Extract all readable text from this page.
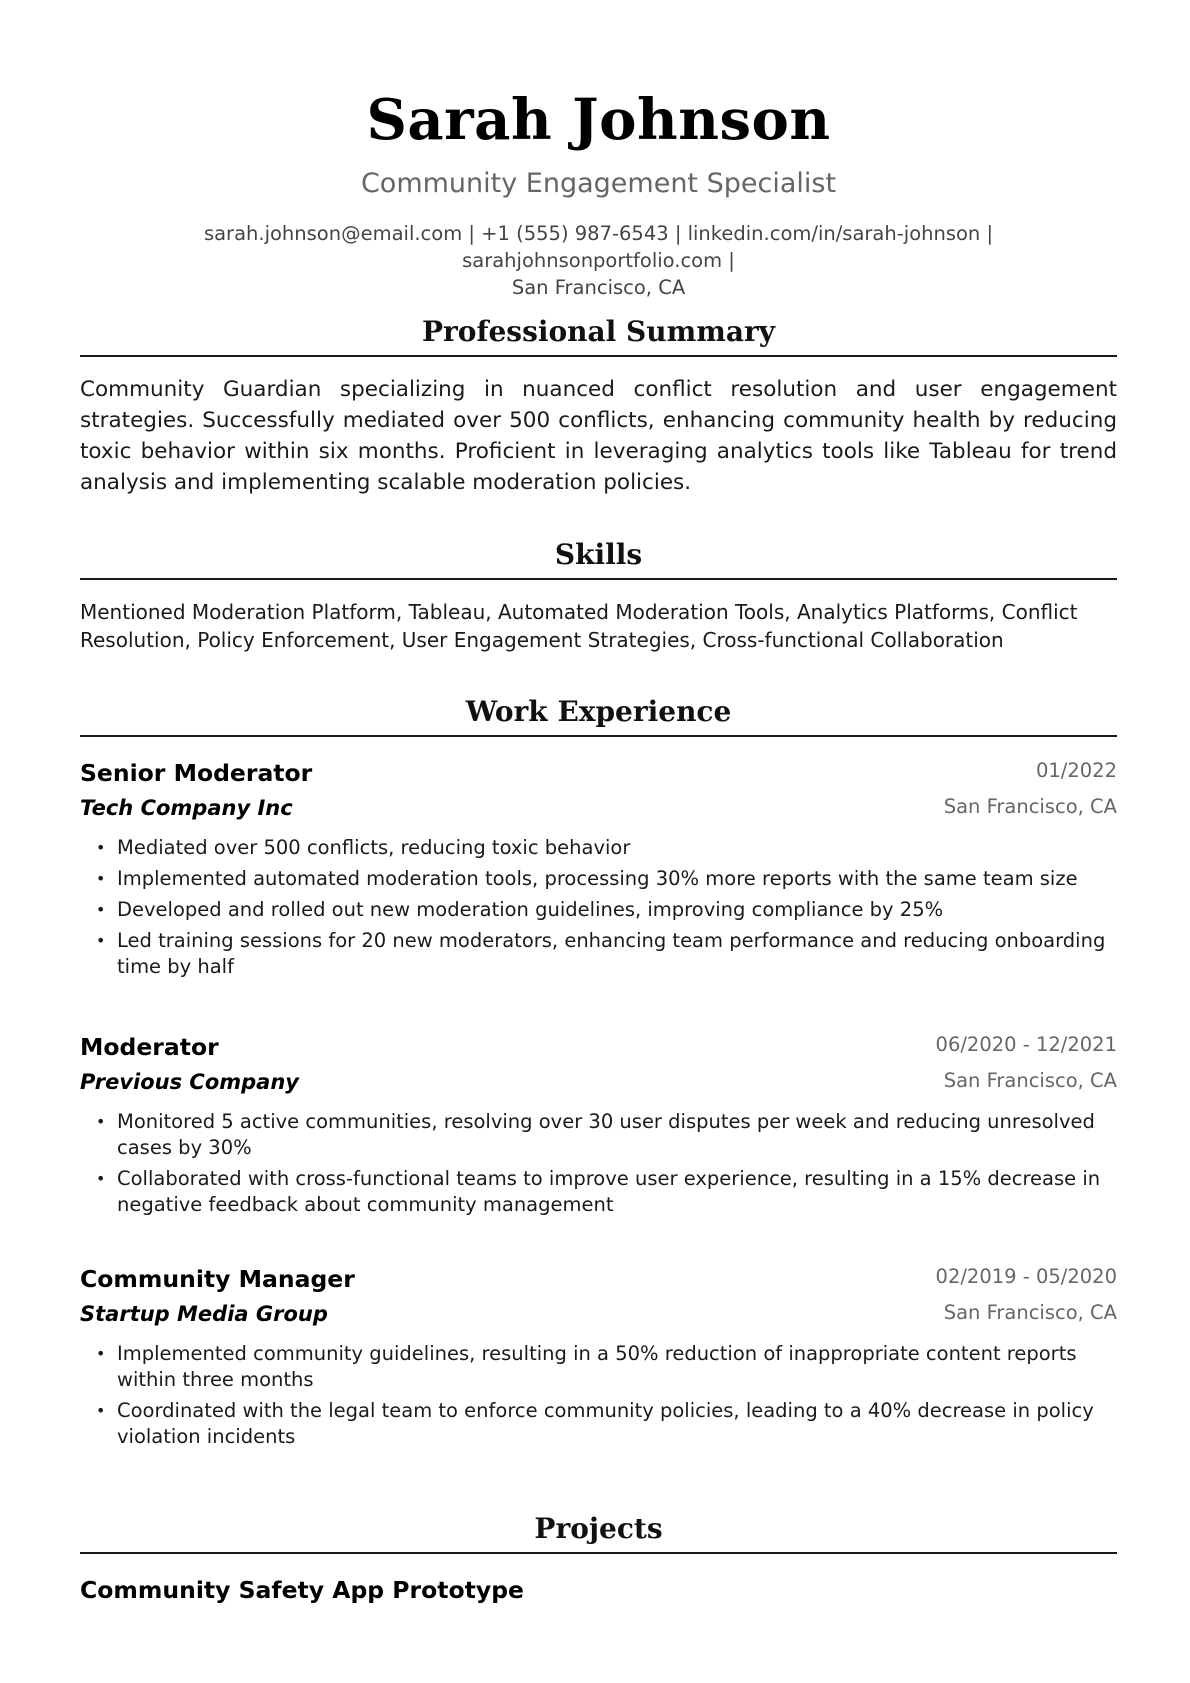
Sarah Johnson
Community Engagement Specialist
sarah.johnson@email.com | +1 (555) 987-6543 | linkedin.com/in/sarah-johnson | sarahjohnsonportfolio.com |
San Francisco, CA
Professional Summary
Community Guardian specializing in nuanced conflict resolution and user engagement strategies. Successfully mediated over 500 conflicts, enhancing community health by reducing toxic behavior within six months. Proficient in leveraging analytics tools like Tableau for trend analysis and implementing scalable moderation policies.
Skills
Mentioned Moderation Platform, Tableau, Automated Moderation Tools, Analytics Platforms, Conflict Resolution, Policy Enforcement, User Engagement Strategies, Cross-functional Collaboration
Work Experience
Senior Moderator	01/2022
Tech Company Inc	San Francisco, CA
• Mediated over 500 conflicts, reducing toxic behavior
• Implemented automated moderation tools, processing 30% more reports with the same team size
• Developed and rolled out new moderation guidelines, improving compliance by 25%
• Led training sessions for 20 new moderators, enhancing team performance and reducing onboarding time by half
Moderator	06/2020 - 12/2021
Previous Company	San Francisco, CA
• Monitored 5 active communities, resolving over 30 user disputes per week and reducing unresolved cases by 30%
• Collaborated with cross-functional teams to improve user experience, resulting in a 15% decrease in negative feedback about community management
Community Manager	02/2019 - 05/2020
Startup Media Group	San Francisco, CA
• Implemented community guidelines, resulting in a 50% reduction of inappropriate content reports within three months
• Coordinated with the legal team to enforce community policies, leading to a 40% decrease in policy violation incidents
Projects
Community Safety App Prototype
